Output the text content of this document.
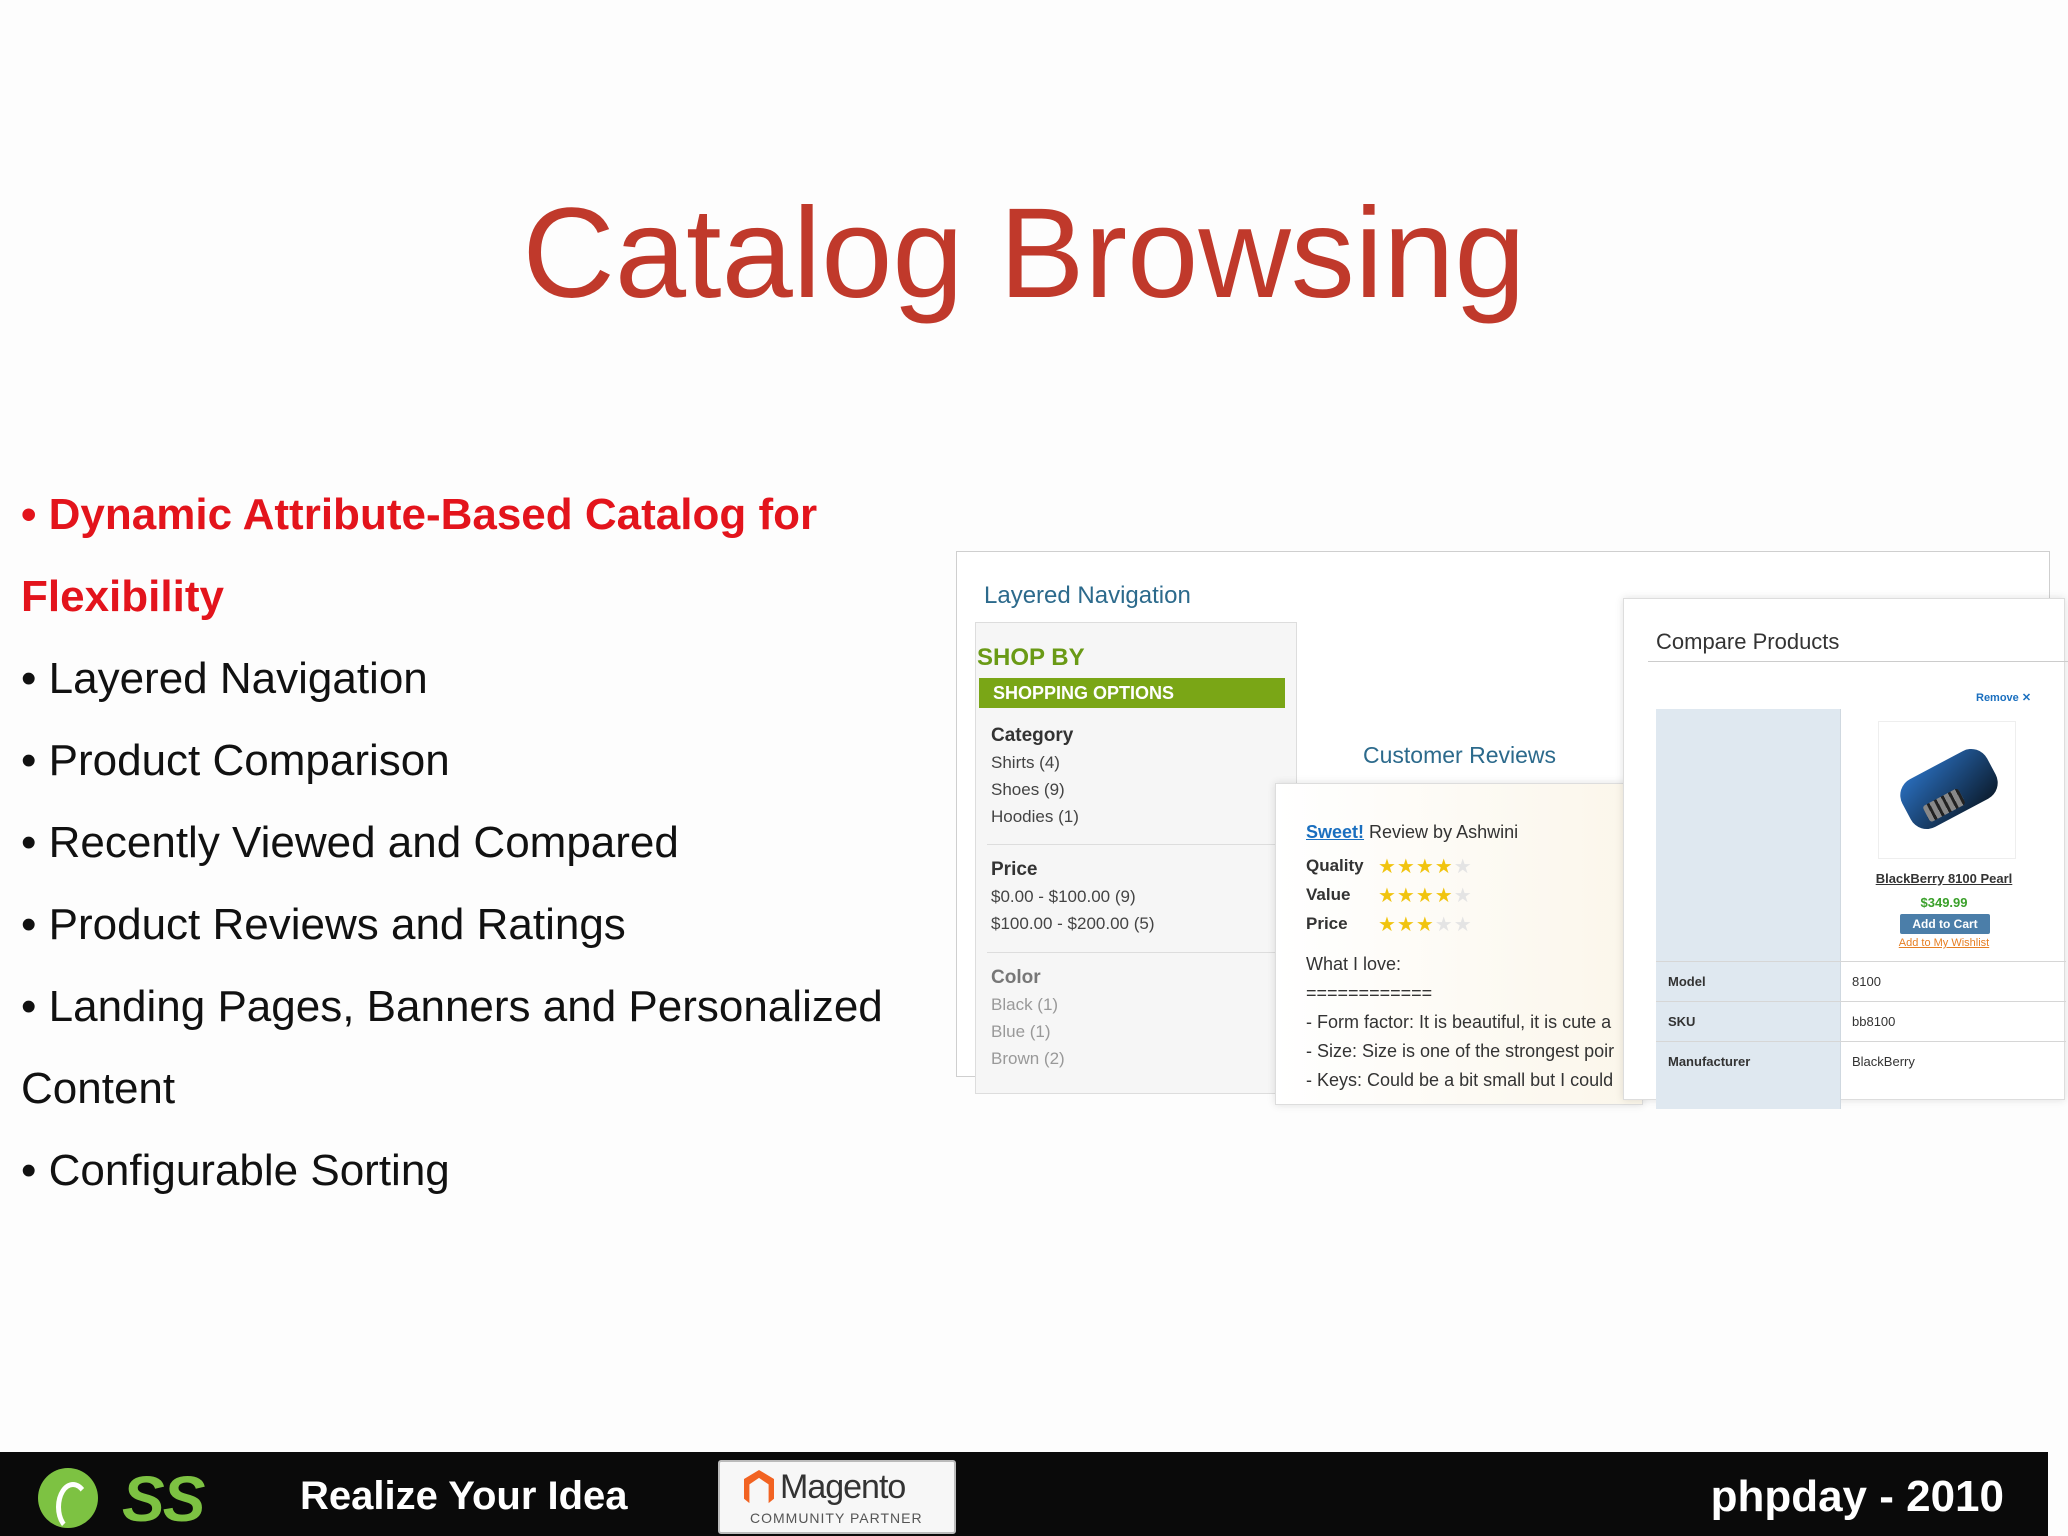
Catalog Browsing
• Dynamic Attribute-Based Catalog for
Flexibility
• Layered Navigation
• Product Comparison
• Recently Viewed and Compared
• Product Reviews and Ratings
• Landing Pages, Banners and Personalized
Content
• Configurable Sorting
Layered Navigation
SHOP BY
SHOPPING OPTIONS
Category
Shirts (4)
Shoes (9)
Hoodies (1)
Price
$0.00 - $100.00 (9)
$100.00 - $200.00 (5)
Color
Black (1)
Blue (1)
Brown (2)
Customer Reviews
Sweet! Review by Ashwini
Quality ★★★★★
Value ★★★★★
Price ★★★★★
What I love:
============
- Form factor: It is beautiful, it is cute a
- Size: Size is one of the strongest poir
- Keys: Could be a bit small but I could
Compare Products
Remove ✕
BlackBerry 8100 Pearl
$349.99
Add to Cart
Add to My Wishlist
Model	8100
SKU	bb8100
Manufacturer	BlackBerry
SS Realize Your Idea	Magento
COMMUNITY PARTNER	phpday - 2010
